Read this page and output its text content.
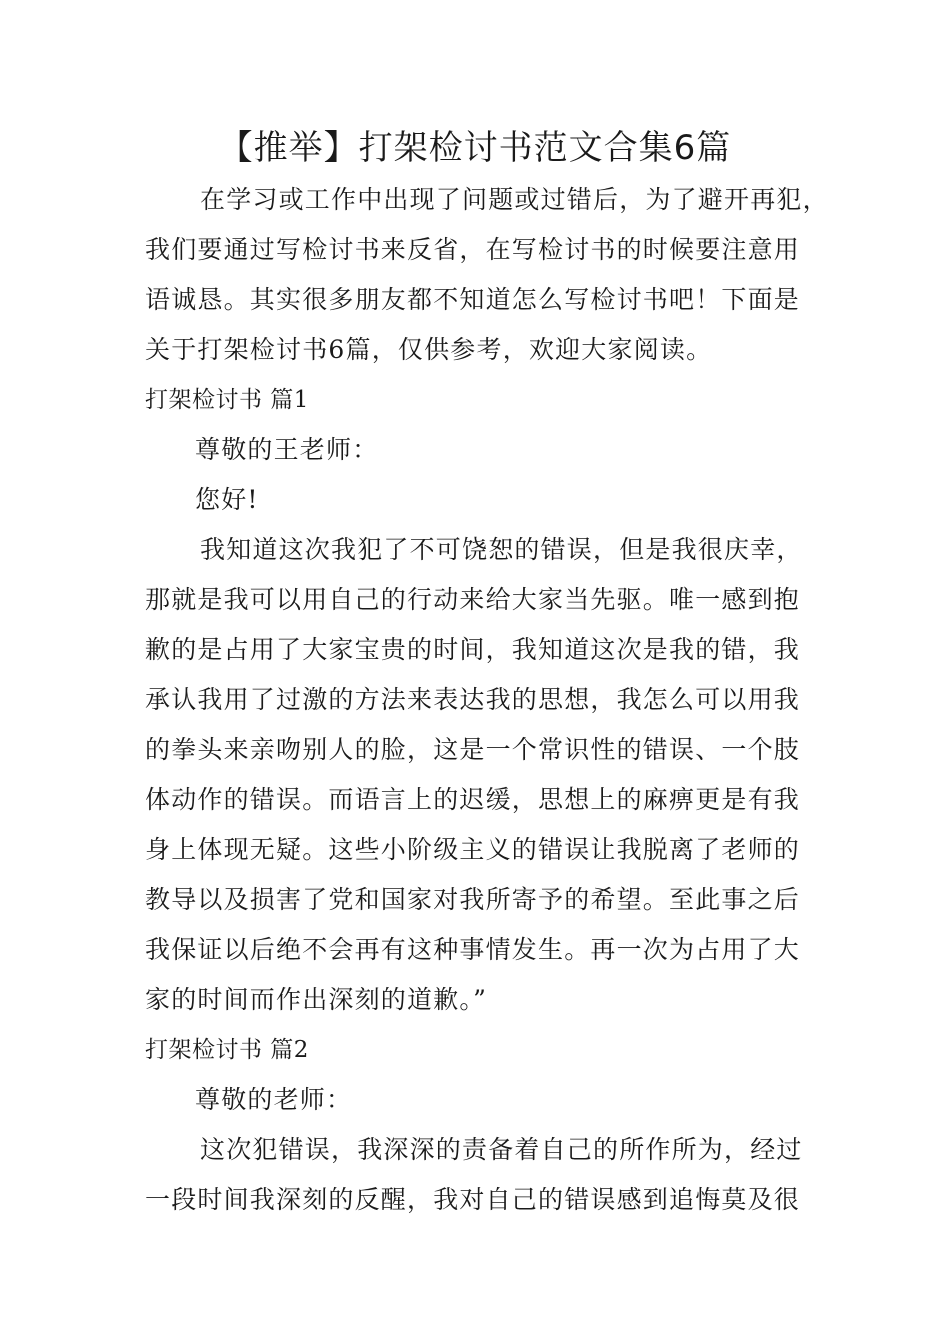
【推举】打架检讨书范文合集6篇
在学习或工作中出现了问题或过错后，为了避开再犯，
我们要通过写检讨书来反省，在写检讨书的时候要注意用
语诚恳。其实很多朋友都不知道怎么写检讨书吧！下面是
关于打架检讨书6篇，仅供参考，欢迎大家阅读。
打架检讨书 篇1
尊敬的王老师：
您好!
我知道这次我犯了不可饶恕的错误，但是我很庆幸，
那就是我可以用自己的行动来给大家当先驱。唯一感到抱
歉的是占用了大家宝贵的时间，我知道这次是我的错，我
承认我用了过激的方法来表达我的思想，我怎么可以用我
的拳头来亲吻别人的脸，这是一个常识性的错误、一个肢
体动作的错误。而语言上的迟缓，思想上的麻痹更是有我
身上体现无疑。这些小阶级主义的错误让我脱离了老师的
教导以及损害了党和国家对我所寄予的希望。至此事之后
我保证以后绝不会再有这种事情发生。再一次为占用了大
家的时间而作出深刻的道歉。”
打架检讨书 篇2
尊敬的老师：
这次犯错误，我深深的责备着自己的所作所为，经过
一段时间我深刻的反醒，我对自己的错误感到追悔莫及很
